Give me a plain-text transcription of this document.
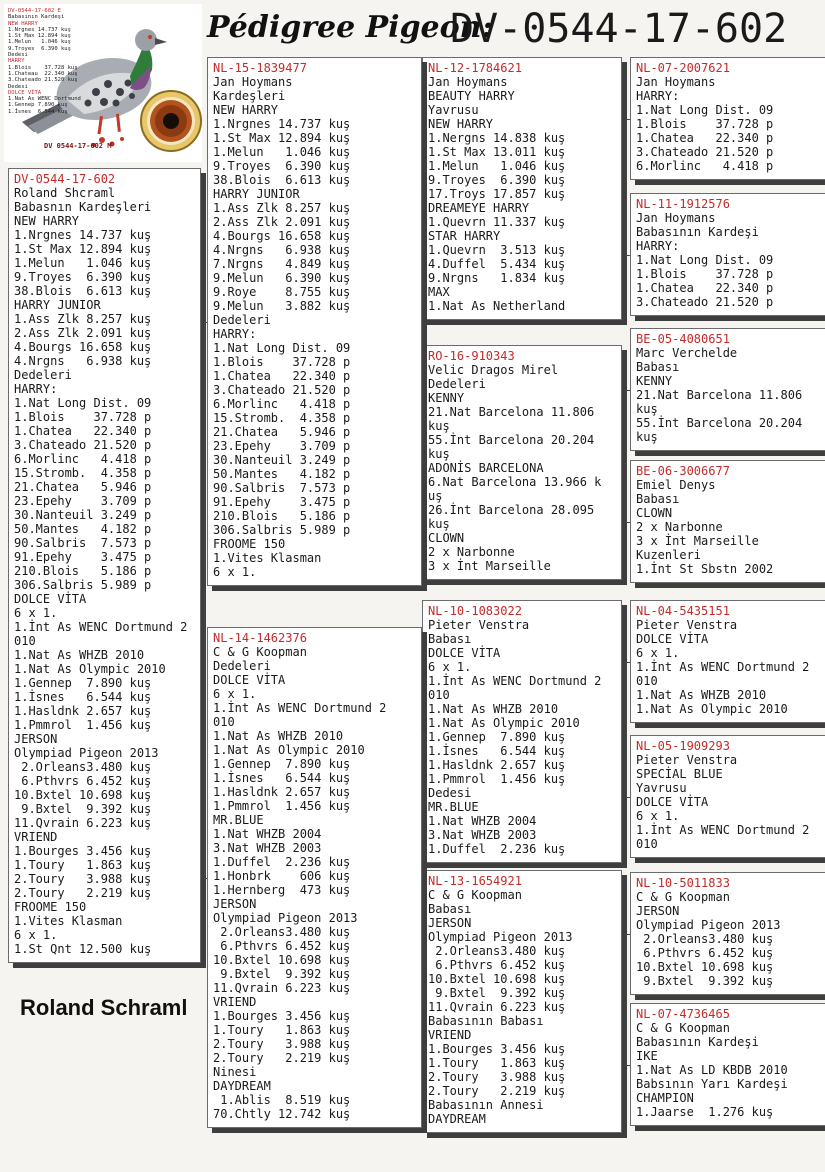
DV-0544-17-602 E
Babasının Kardeşi
NEW HARRY
1.Nrgnes 14.737 kuş
1.St Max 12.894 kuş
1.Melun   1.046 kuş
9.Troyes  6.390 kuş
Dedesi
HARRY
1.Blois    37.728 kuş
1.Chateau  22.340 kuş
3.Chateado 21.520 kuş
Dedesi
DOLCE VİTA
1.Nat As WENC Dortmund
1.Gennep 7.890 kuş
1.İsnes  6.544 kuş
DV 0544-17-602 M
Pédigree Pigeon:
DV-0544-17-602
NL-07-4736465
C & G Koopman
Babasının Kardeşi
IKE
1.Nat As LD KBDB 2010
Babsının Yarı Kardeşi
CHAMPION
1.Jaarse  1.276 kuş
NL-10-5011833
C & G Koopman
JERSON
Olympiad Pigeon 2013
2.Orleans3.480 kuş
6.Pthvrs 6.452 kuş
10.Bxtel 10.698 kuş
9.Bxtel  9.392 kuş
NL-05-1909293
Pieter Venstra
SPECİAL BLUE
Yavrusu
DOLCE VİTA
6 x 1.
1.İnt As WENC Dortmund 2
010
NL-04-5435151
Pieter Venstra
DOLCE VİTA
6 x 1.
1.İnt As WENC Dortmund 2
010
1.Nat As WHZB 2010
1.Nat As Olympic 2010
BE-06-3006677
Emiel Denys
Babası
CLOWN
2 x Narbonne
3 x İnt Marseille
Kuzenleri
1.İnt St Sbstn 2002
BE-05-4080651
Marc Verchelde
Babası
KENNY
21.Nat Barcelona 11.806
kuş
55.İnt Barcelona 20.204
kuş
NL-11-1912576
Jan Hoymans
Babasının Kardeşi
HARRY:
1.Nat Long Dist. 09
1.Blois    37.728 p
1.Chatea   22.340 p
3.Chateado 21.520 p
NL-07-2007621
Jan Hoymans
HARRY:
1.Nat Long Dist. 09
1.Blois    37.728 p
1.Chatea   22.340 p
3.Chateado 21.520 p
6.Morlinc   4.418 p
NL-13-1654921
C & G Koopman
Babası
JERSON
Olympiad Pigeon 2013
2.Orleans3.480 kuş
6.Pthvrs 6.452 kuş
10.Bxtel 10.698 kuş
9.Bxtel  9.392 kuş
11.Qvrain 6.223 kuş
Babasının Babası
VRIEND
1.Bourges 3.456 kuş
1.Toury   1.863 kuş
2.Toury   3.988 kuş
2.Toury   2.219 kuş
Babasının Annesi
DAYDREAM
NL-10-1083022
Pieter Venstra
Babası
DOLCE VİTA
6 x 1.
1.İnt As WENC Dortmund 2
010
1.Nat As WHZB 2010
1.Nat As Olympic 2010
1.Gennep  7.890 kuş
1.İsnes   6.544 kuş
1.Hasldnk 2.657 kuş
1.Pmmrol  1.456 kuş
Dedesi
MR.BLUE
1.Nat WHZB 2004
3.Nat WHZB 2003
1.Duffel  2.236 kuş
RO-16-910343
Velic Dragos Mirel
Dedeleri
KENNY
21.Nat Barcelona 11.806
kuş
55.İnt Barcelona 20.204
kuş
ADONİS BARCELONA
6.Nat Barcelona 13.966 k
uş
26.İnt Barcelona 28.095
kuş
CLOWN
2 x Narbonne
3 x İnt Marseille
NL-12-1784621
Jan Hoymans
BEAUTY HARRY
Yavrusu
NEW HARRY
1.Nergns 14.838 kuş
1.St Max 13.011 kuş
1.Melun   1.046 kuş
9.Troyes  6.390 kuş
17.Troys 17.857 kuş
DREAMEYE HARRY
1.Quevrn 11.337 kuş
STAR HARRY
1.Quevrn  3.513 kuş
4.Duffel  5.434 kuş
9.Nrgns   1.834 kuş
MAX
1.Nat As Netherland
NL-14-1462376
C & G Koopman
Dedeleri
DOLCE VİTA
6 x 1.
1.İnt As WENC Dortmund 2
010
1.Nat As WHZB 2010
1.Nat As Olympic 2010
1.Gennep  7.890 kuş
1.İsnes   6.544 kuş
1.Hasldnk 2.657 kuş
1.Pmmrol  1.456 kuş
MR.BLUE
1.Nat WHZB 2004
3.Nat WHZB 2003
1.Duffel  2.236 kuş
1.Honbrk    606 kuş
1.Hernberg  473 kuş
JERSON
Olympiad Pigeon 2013
2.Orleans3.480 kuş
6.Pthvrs 6.452 kuş
10.Bxtel 10.698 kuş
9.Bxtel  9.392 kuş
11.Qvrain 6.223 kuş
VRIEND
1.Bourges 3.456 kuş
1.Toury   1.863 kuş
2.Toury   3.988 kuş
2.Toury   2.219 kuş
Ninesi
DAYDREAM
1.Ablis  8.519 kuş
70.Chtly 12.742 kuş
NL-15-1839477
Jan Hoymans
Kardeşleri
NEW HARRY
1.Nrgnes 14.737 kuş
1.St Max 12.894 kuş
1.Melun   1.046 kuş
9.Troyes  6.390 kuş
38.Blois  6.613 kuş
HARRY JUNIOR
1.Ass Zlk 8.257 kuş
2.Ass Zlk 2.091 kuş
4.Bourgs 16.658 kuş
4.Nrgns   6.938 kuş
7.Nrgns   4.849 kuş
9.Melun   6.390 kuş
9.Roye    8.755 kuş
9.Melun   3.882 kuş
Dedeleri
HARRY:
1.Nat Long Dist. 09
1.Blois    37.728 p
1.Chatea   22.340 p
3.Chateado 21.520 p
6.Morlinc   4.418 p
15.Stromb.  4.358 p
21.Chatea   5.946 p
23.Epehy    3.709 p
30.Nanteuil 3.249 p
50.Mantes   4.182 p
90.Salbris  7.573 p
91.Epehy    3.475 p
210.Blois   5.186 p
306.Salbris 5.989 p
FROOME 150
1.Vites Klasman
6 x 1.
DV-0544-17-602
Roland Shcraml
Babasnın Kardeşleri
NEW HARRY
1.Nrgnes 14.737 kuş
1.St Max 12.894 kuş
1.Melun   1.046 kuş
9.Troyes  6.390 kuş
38.Blois  6.613 kuş
HARRY JUNIOR
1.Ass Zlk 8.257 kuş
2.Ass Zlk 2.091 kuş
4.Bourgs 16.658 kuş
4.Nrgns   6.938 kuş
Dedeleri
HARRY:
1.Nat Long Dist. 09
1.Blois    37.728 p
1.Chatea   22.340 p
3.Chateado 21.520 p
6.Morlinc   4.418 p
15.Stromb.  4.358 p
21.Chatea   5.946 p
23.Epehy    3.709 p
30.Nanteuil 3.249 p
50.Mantes   4.182 p
90.Salbris  7.573 p
91.Epehy    3.475 p
210.Blois   5.186 p
306.Salbris 5.989 p
DOLCE VİTA
6 x 1.
1.İnt As WENC Dortmund 2
010
1.Nat As WHZB 2010
1.Nat As Olympic 2010
1.Gennep  7.890 kuş
1.İsnes   6.544 kuş
1.Hasldnk 2.657 kuş
1.Pmmrol  1.456 kuş
JERSON
Olympiad Pigeon 2013
2.Orleans3.480 kuş
6.Pthvrs 6.452 kuş
10.Bxtel 10.698 kuş
9.Bxtel  9.392 kuş
11.Qvrain 6.223 kuş
VRIEND
1.Bourges 3.456 kuş
1.Toury   1.863 kuş
2.Toury   3.988 kuş
2.Toury   2.219 kuş
FROOME 150
1.Vites Klasman
6 x 1.
1.St Qnt 12.500 kuş
Roland Schraml
